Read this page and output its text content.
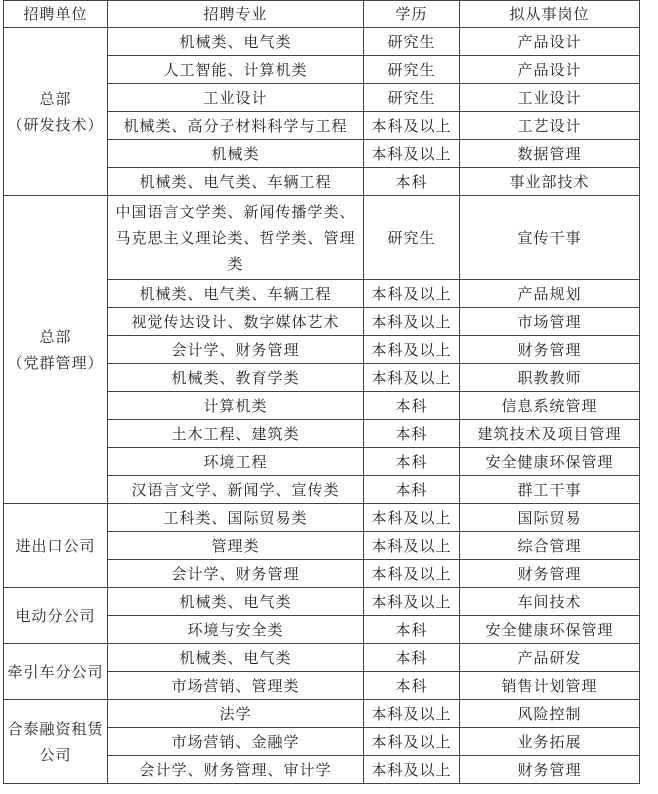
招聘单位	招聘专业	学历	拟从事岗位
总部
（研发技术）	机械类、电气类	研究生	产品设计
	人工智能、计算机类	研究生	产品设计
	工业设计	研究生	工业设计
	机械类、高分子材料科学与工程	本科及以上	工艺设计
	机械类	本科及以上	数据管理
	机械类、电气类、车辆工程	本科	事业部技术
总部
（党群管理）	中国语言文学类、新闻传播学类、
马克思主义理论类、哲学类、管理
类	研究生	宣传干事
	机械类、电气类、车辆工程	本科及以上	产品规划
	视觉传达设计、数字媒体艺术	本科及以上	市场管理
	会计学、财务管理	本科及以上	财务管理
	机械类、教育学类	本科及以上	职教教师
	计算机类	本科	信息系统管理
	土木工程、建筑类	本科	建筑技术及项目管理
	环境工程	本科	安全健康环保管理
	汉语言文学、新闻学、宣传类	本科	群工干事
进出口公司	工科类、国际贸易类	本科及以上	国际贸易
	管理类	本科及以上	综合管理
	会计学、财务管理	本科及以上	财务管理
电动分公司	机械类、电气类	本科及以上	车间技术
	环境与安全类	本科	安全健康环保管理
牵引车分公司	机械类、电气类	本科	产品研发
	市场营销、管理类	本科	销售计划管理
合泰融资租赁
公司	法学	本科及以上	风险控制
	市场营销、金融学	本科及以上	业务拓展
	会计学、财务管理、审计学	本科及以上	财务管理
